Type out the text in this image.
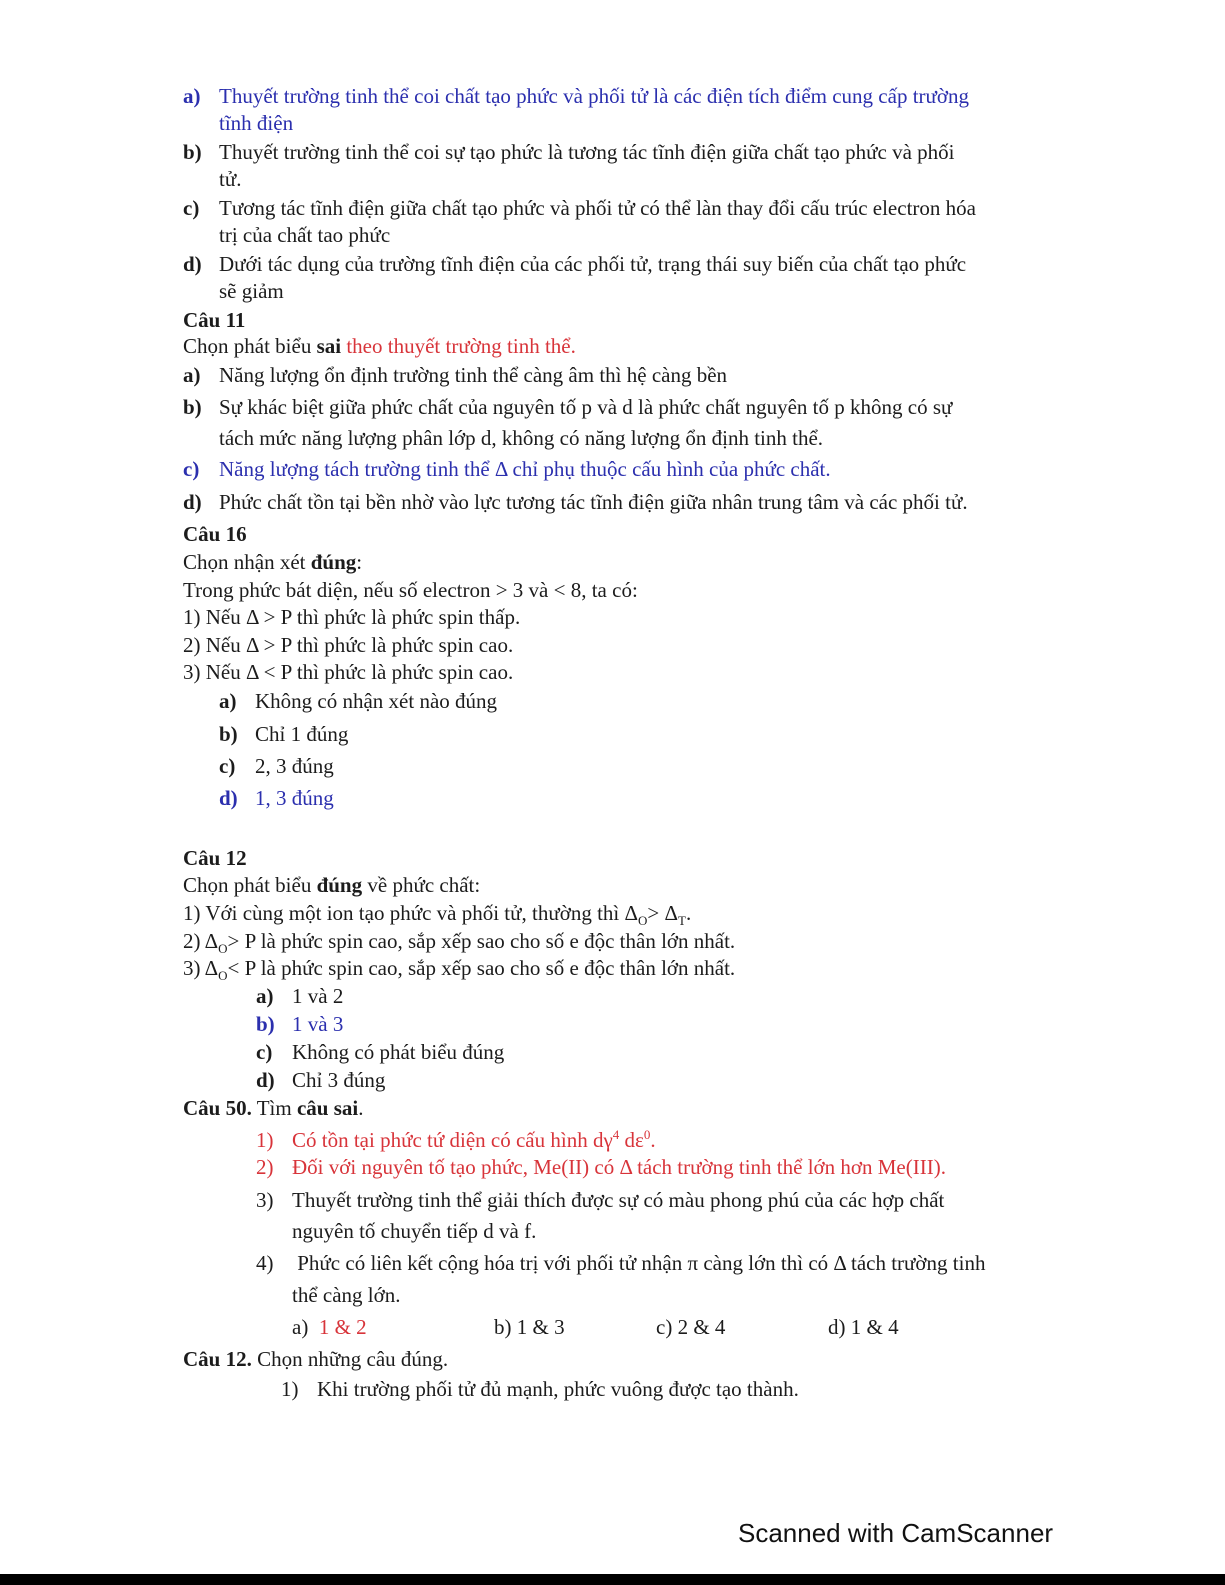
a) Thuyết trường tinh thể coi chất tạo phức và phối tử là các điện tích điểm cung cấp trường
tĩnh điện
b) Thuyết trường tinh thể coi sự tạo phức là tương tác tĩnh điện giữa chất tạo phức và phối
tử.
c) Tương tác tĩnh điện giữa chất tạo phức và phối tử có thể làn thay đổi cấu trúc electron hóa
trị của chất tao phức
d) Dưới tác dụng của trường tĩnh điện của các phối tử, trạng thái suy biến của chất tạo phức
sẽ giảm
Câu 11
Chọn phát biểu sai theo thuyết trường tinh thể.
a) Năng lượng ổn định trường tinh thể càng âm thì hệ càng bền
b) Sự khác biệt giữa phức chất của nguyên tố p và d là phức chất nguyên tố p không có sự
tách mức năng lượng phân lớp d, không có năng lượng ổn định tinh thể.
c) Năng lượng tách trường tinh thể Δ chỉ phụ thuộc cấu hình của phức chất.
d) Phức chất tồn tại bền nhờ vào lực tương tác tĩnh điện giữa nhân trung tâm và các phối tử.
Câu 16
Chọn nhận xét đúng:
Trong phức bát diện, nếu số electron > 3 và < 8, ta có:
1) Nếu Δ > P thì phức là phức spin thấp.
2) Nếu Δ > P thì phức là phức spin cao.
3) Nếu Δ < P thì phức là phức spin cao.
a) Không có nhận xét nào đúng
b) Chỉ 1 đúng
c) 2, 3 đúng
d) 1, 3 đúng
Câu 12
Chọn phát biểu đúng về phức chất:
1) Với cùng một ion tạo phức và phối tử, thường thì $\Delta_O> \Delta_T$.
2) $\Delta_O> P$ là phức spin cao, sắp xếp sao cho số e độc thân lớn nhất.
3) $\Delta_O< P$ là phức spin cao, sắp xếp sao cho số e độc thân lớn nhất.
a) 1 và 2
b) 1 và 3
c) Không có phát biểu đúng
d) Chỉ 3 đúng
Câu 50. Tìm câu sai.
1) Có tồn tại phức tứ diện có cấu hình $d\gamma^4$ $d\varepsilon^0$.
2) Đối với nguyên tố tạo phức, Me(II) có Δ tách trường tinh thể lớn hơn Me(III).
3) Thuyết trường tinh thể giải thích được sự có màu phong phú của các hợp chất
nguyên tố chuyển tiếp d và f.
4) Phức có liên kết cộng hóa trị với phối tử nhận π càng lớn thì có Δ tách trường tinh
thể càng lớn.
a) 1 & 2	b) 1 & 3	c) 2 & 4	d) 1 & 4
Câu 12. Chọn những câu đúng.
1) Khi trường phối tử đủ mạnh, phức vuông được tạo thành.
Scanned with CamScanner
